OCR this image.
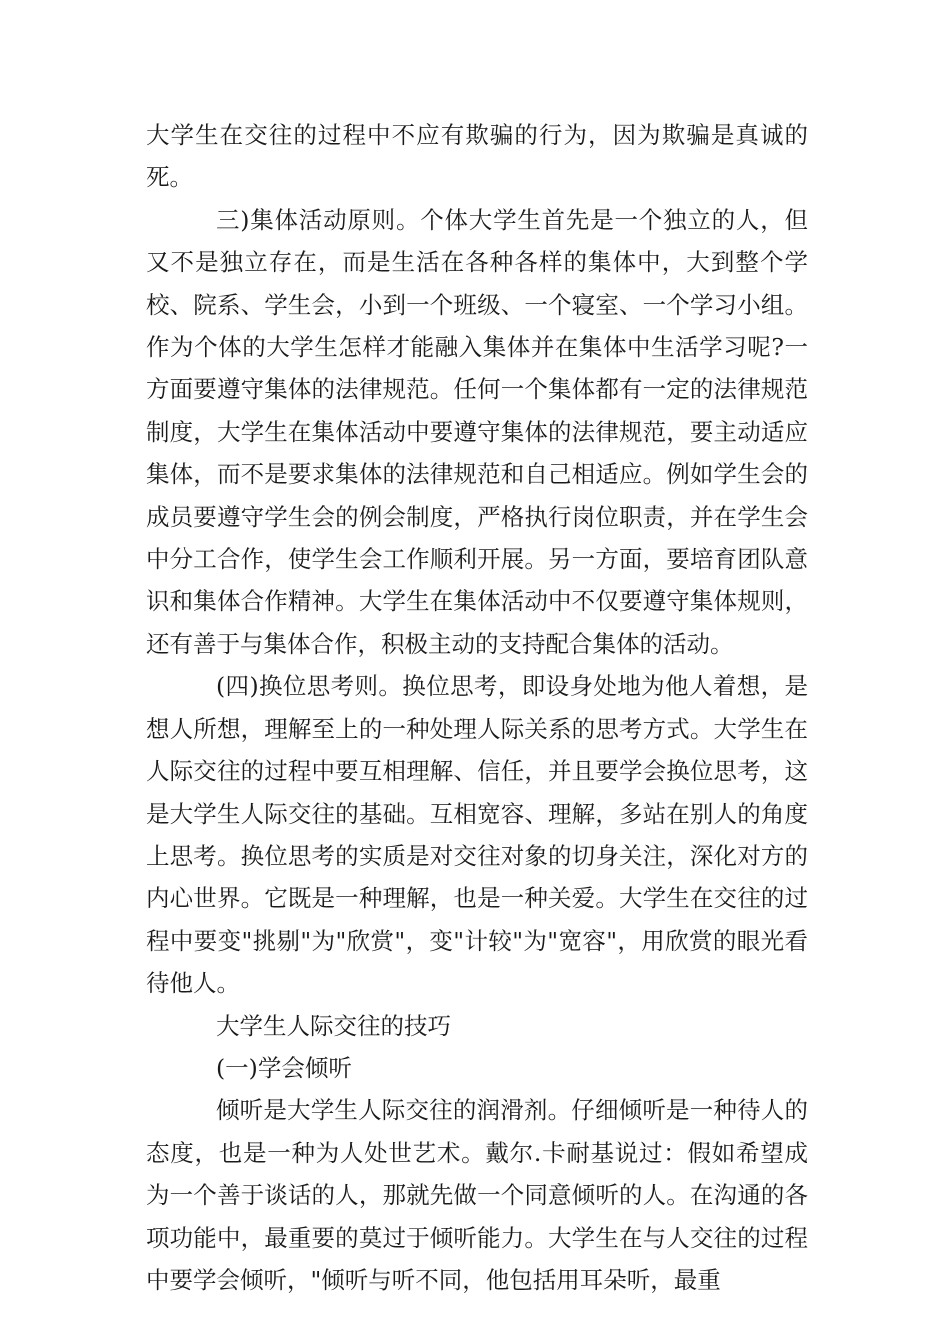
大学生在交往的过程中不应有欺骗的行为，因为欺骗是真诚的死。

三)集体活动原则。个体大学生首先是一个独立的人，但又不是独立存在，而是生活在各种各样的集体中，大到整个学校、院系、学生会，小到一个班级、一个寝室、一个学习小组。作为个体的大学生怎样才能融入集体并在集体中生活学习呢?一方面要遵守集体的法律规范。任何一个集体都有一定的法律规范制度，大学生在集体活动中要遵守集体的法律规范，要主动适应集体，而不是要求集体的法律规范和自己相适应。例如学生会的成员要遵守学生会的例会制度，严格执行岗位职责，并在学生会中分工合作，使学生会工作顺利开展。另一方面，要培育团队意识和集体合作精神。大学生在集体活动中不仅要遵守集体规则，还有善于与集体合作，积极主动的支持配合集体的活动。

(四)换位思考则。换位思考，即设身处地为他人着想，是想人所想，理解至上的一种处理人际关系的思考方式。大学生在人际交往的过程中要互相理解、信任，并且要学会换位思考，这是大学生人际交往的基础。互相宽容、理解，多站在别人的角度上思考。换位思考的实质是对交往对象的切身关注，深化对方的内心世界。它既是一种理解，也是一种关爱。大学生在交往的过程中要变"挑剔"为"欣赏"，变"计较"为"宽容"，用欣赏的眼光看待他人。

大学生人际交往的技巧

(一)学会倾听

倾听是大学生人际交往的润滑剂。仔细倾听是一种待人的态度，也是一种为人处世艺术。戴尔.卡耐基说过：假如希望成为一个善于谈话的人，那就先做一个同意倾听的人。在沟通的各项功能中，最重要的莫过于倾听能力。大学生在与人交往的过程中要学会倾听，"倾听与听不同，他包括用耳朵听，最重
